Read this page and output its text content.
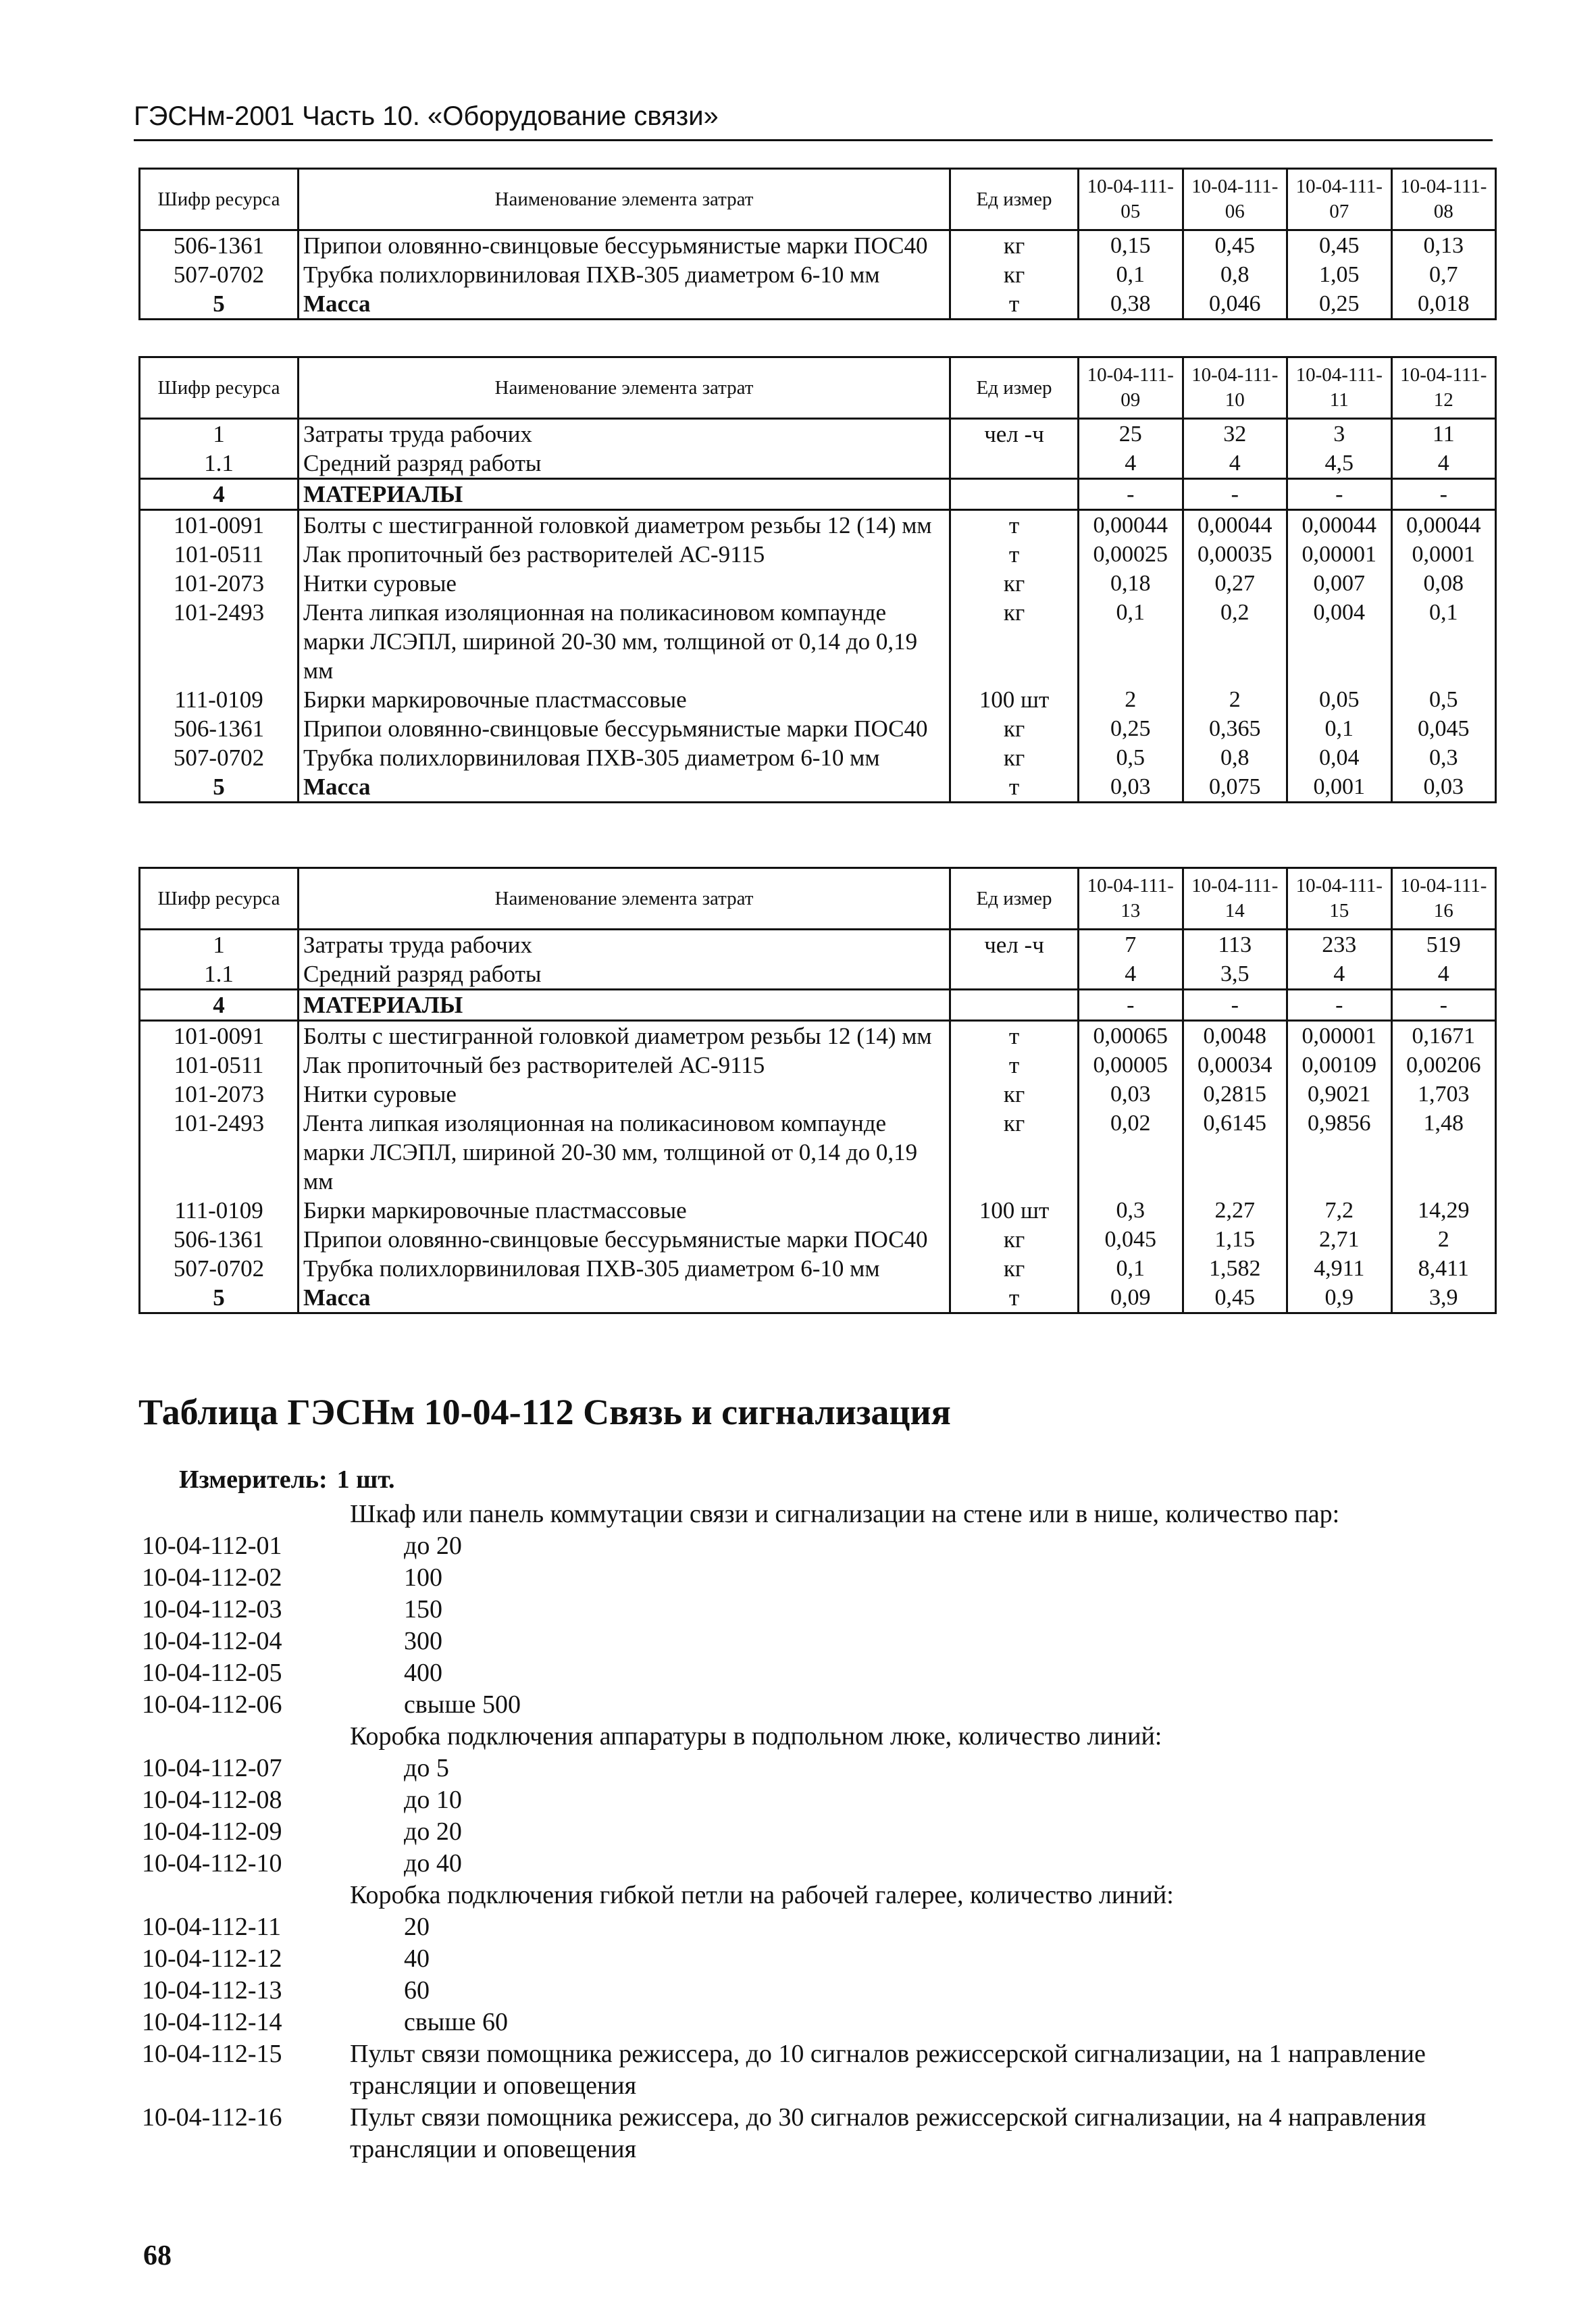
ГЭСНм-2001 Часть 10. «Оборудование связи»
Шифр ресурса	Наименование элемента затрат	Ед измер	10-04-111-05	10-04-111-06	10-04-111-07	10-04-111-08
506-1361	Припои оловянно-свинцовые бессурьмянистые марки ПОС40	кг	0,15	0,45	0,45	0,13
507-0702	Трубка полихлорвиниловая ПХВ-305 диаметром 6-10 мм	кг	0,1	0,8	1,05	0,7
5	Масса	т	0,38	0,046	0,25	0,018
Шифр ресурса	Наименование элемента затрат	Ед измер	10-04-111-09	10-04-111-10	10-04-111-11	10-04-111-12
1	Затраты труда рабочих	чел -ч	25	32	3	11
1.1	Средний разряд работы		4	4	4,5	4
4	МАТЕРИАЛЫ		-	-	-	-
101-0091	Болты с шестигранной головкой диаметром резьбы 12 (14) мм	т	0,00044	0,00044	0,00044	0,00044
101-0511	Лак пропиточный без растворителей АС-9115	т	0,00025	0,00035	0,00001	0,0001
101-2073	Нитки суровые	кг	0,18	0,27	0,007	0,08
101-2493	Лента липкая изоляционная на поликасиновом компаунде марки ЛСЭПЛ, шириной 20-30 мм, толщиной от 0,14 до 0,19 мм	кг	0,1	0,2	0,004	0,1
111-0109	Бирки маркировочные пластмассовые	100 шт	2	2	0,05	0,5
506-1361	Припои оловянно-свинцовые бессурьмянистые марки ПОС40	кг	0,25	0,365	0,1	0,045
507-0702	Трубка полихлорвиниловая ПХВ-305 диаметром 6-10 мм	кг	0,5	0,8	0,04	0,3
5	Масса	т	0,03	0,075	0,001	0,03
Шифр ресурса	Наименование элемента затрат	Ед измер	10-04-111-13	10-04-111-14	10-04-111-15	10-04-111-16
1	Затраты труда рабочих	чел -ч	7	113	233	519
1.1	Средний разряд работы		4	3,5	4	4
4	МАТЕРИАЛЫ		-	-	-	-
101-0091	Болты с шестигранной головкой диаметром резьбы 12 (14) мм	т	0,00065	0,0048	0,00001	0,1671
101-0511	Лак пропиточный без растворителей АС-9115	т	0,00005	0,00034	0,00109	0,00206
101-2073	Нитки суровые	кг	0,03	0,2815	0,9021	1,703
101-2493	Лента липкая изоляционная на поликасиновом компаунде марки ЛСЭПЛ, шириной 20-30 мм, толщиной от 0,14 до 0,19 мм	кг	0,02	0,6145	0,9856	1,48
111-0109	Бирки маркировочные пластмассовые	100 шт	0,3	2,27	7,2	14,29
506-1361	Припои оловянно-свинцовые бессурьмянистые марки ПОС40	кг	0,045	1,15	2,71	2
507-0702	Трубка полихлорвиниловая ПХВ-305 диаметром 6-10 мм	кг	0,1	1,582	4,911	8,411
5	Масса	т	0,09	0,45	0,9	3,9
Таблица ГЭСНм 10-04-112 Связь и сигнализация
Измеритель: 1 шт.
Шкаф или панель коммутации связи и сигнализации на стене или в нише, количество пар:
10-04-112-01	до 20
10-04-112-02	100
10-04-112-03	150
10-04-112-04	300
10-04-112-05	400
10-04-112-06	свыше 500
Коробка подключения аппаратуры в подпольном люке, количество линий:
10-04-112-07	до 5
10-04-112-08	до 10
10-04-112-09	до 20
10-04-112-10	до 40
Коробка подключения гибкой петли на рабочей галерее, количество линий:
10-04-112-11	20
10-04-112-12	40
10-04-112-13	60
10-04-112-14	свыше 60
10-04-112-15	Пульт связи помощника режиссера, до 10 сигналов режиссерской сигнализации, на 1 направление трансляции и оповещения
10-04-112-16	Пульт связи помощника режиссера, до 30 сигналов режиссерской сигнализации, на 4 направления трансляции и оповещения
68
